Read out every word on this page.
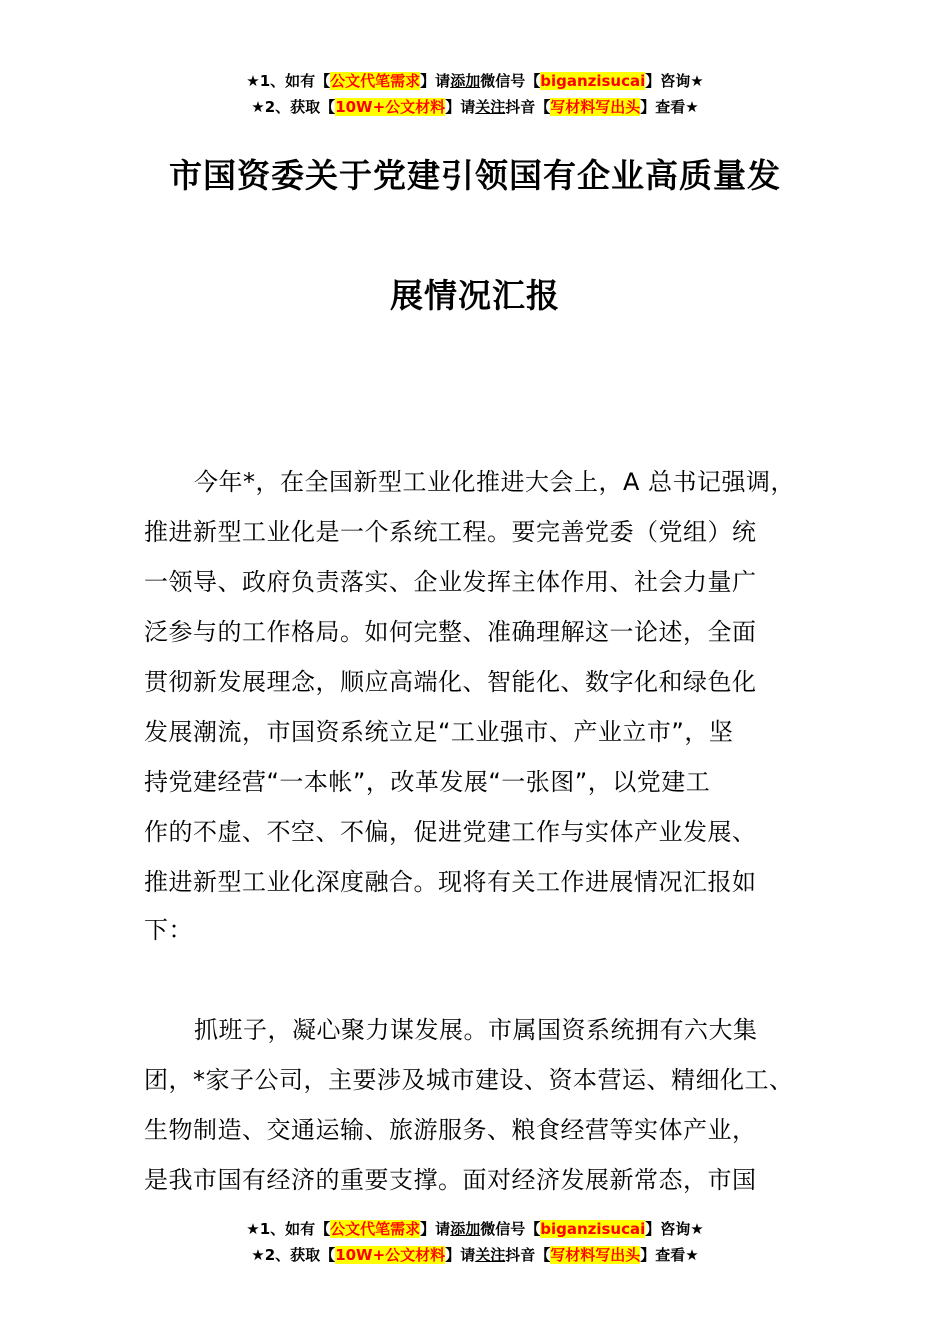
★1、如有【公文代笔需求】请添加微信号【biganzisucai】咨询★
★2、获取【10W+公文材料】请关注抖音【写材料写出头】查看★
市国资委关于党建引领国有企业高质量发
展情况汇报
今年*，在全国新型工业化推进大会上，A 总书记强调，
推进新型工业化是一个系统工程。要完善党委（党组）统
一领导、政府负责落实、企业发挥主体作用、社会力量广
泛参与的工作格局。如何完整、准确理解这一论述，全面
贯彻新发展理念，顺应高端化、智能化、数字化和绿色化
发展潮流，市国资系统立足“工业强市、产业立市”，坚
持党建经营“一本帐”，改革发展“一张图”，以党建工
作的不虚、不空、不偏，促进党建工作与实体产业发展、
推进新型工业化深度融合。现将有关工作进展情况汇报如
下：
抓班子，凝心聚力谋发展。市属国资系统拥有六大集
团，*家子公司，主要涉及城市建设、资本营运、精细化工、
生物制造、交通运输、旅游服务、粮食经营等实体产业，
是我市国有经济的重要支撑。面对经济发展新常态，市国
★1、如有【公文代笔需求】请添加微信号【biganzisucai】咨询★
★2、获取【10W+公文材料】请关注抖音【写材料写出头】查看★
